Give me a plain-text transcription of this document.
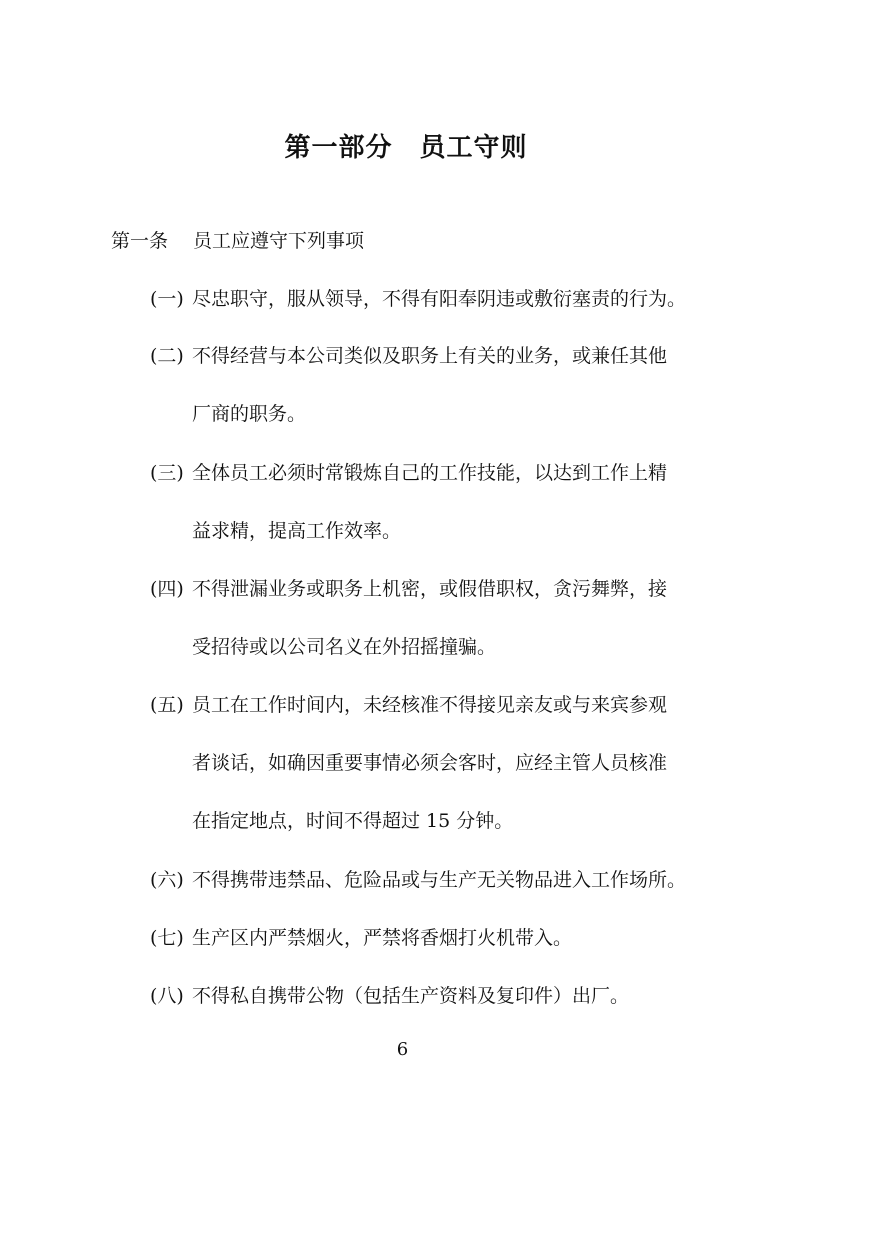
第一部分　员工守则
第一条　 员工应遵守下列事项
(一) 尽忠职守，服从领导，不得有阳奉阴违或敷衍塞责的行为。
(二) 不得经营与本公司类似及职务上有关的业务，或兼任其他
厂商的职务。
(三) 全体员工必须时常锻炼自己的工作技能，以达到工作上精
益求精，提高工作效率。
(四) 不得泄漏业务或职务上机密，或假借职权，贪污舞弊，接
受招待或以公司名义在外招摇撞骗。
(五) 员工在工作时间内，未经核准不得接见亲友或与来宾参观
者谈话，如确因重要事情必须会客时，应经主管人员核准
在指定地点，时间不得超过 15 分钟。
(六) 不得携带违禁品、危险品或与生产无关物品进入工作场所。
(七) 生产区内严禁烟火，严禁将香烟打火机带入。
(八) 不得私自携带公物（包括生产资料及复印件）出厂。
6
